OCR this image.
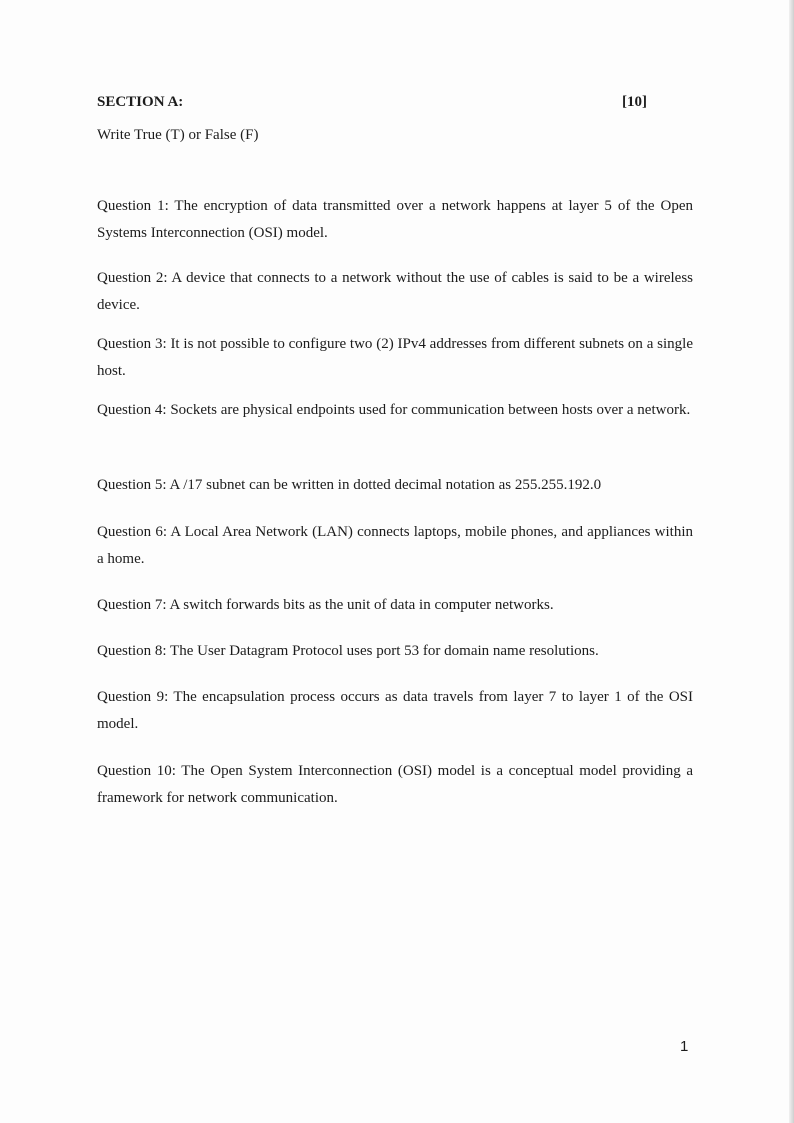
SECTION A:	[10]
Write True (T) or False (F)

Question 1: The encryption of data transmitted over a network happens at layer 5 of the Open Systems Interconnection (OSI) model.

Question 2: A device that connects to a network without the use of cables is said to be a wireless device.

Question 3: It is not possible to configure two (2) IPv4 addresses from different subnets on a single host.

Question 4: Sockets are physical endpoints used for communication between hosts over a network.

Question 5: A /17 subnet can be written in dotted decimal notation as 255.255.192.0

Question 6: A Local Area Network (LAN) connects laptops, mobile phones, and appliances within a home.

Question 7: A switch forwards bits as the unit of data in computer networks.

Question 8: The User Datagram Protocol uses port 53 for domain name resolutions.

Question 9: The encapsulation process occurs as data travels from layer 7 to layer 1 of the OSI model.

Question 10: The Open System Interconnection (OSI) model is a conceptual model providing a framework for network communication.

1
